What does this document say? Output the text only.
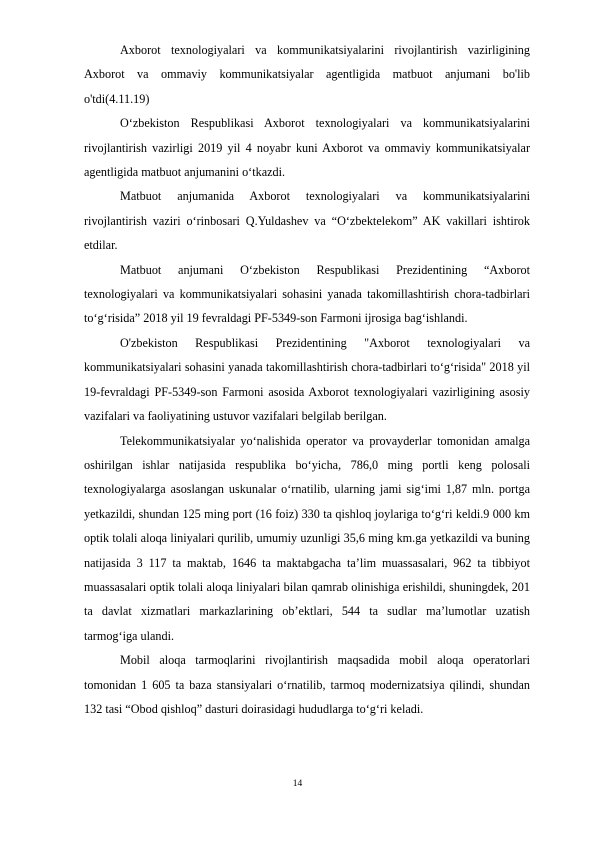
Axborot texnologiyalari va kommunikatsiyalarini rivojlantirish vazirligining Axborot va ommaviy kommunikatsiyalar agentligida matbuot anjumani bo'lib o'tdi(4.11.19)

O‘zbekiston Respublikasi Axborot texnologiyalari va kommunikatsiyalarini rivojlantirish vazirligi 2019 yil 4 noyabr kuni Axborot va ommaviy kommunikatsiyalar agentligida matbuot anjumanini o‘tkazdi.

Matbuot anjumanida Axborot texnologiyalari va kommunikatsiyalarini rivojlantirish vaziri o‘rinbosari Q.Yuldashev va “O‘zbektelekom” AK vakillari ishtirok etdilar.

Matbuot anjumani O‘zbekiston Respublikasi Prezidentining “Axborot texnologiyalari va kommunikatsiyalari sohasini yanada takomillashtirish chora-tadbirlari to‘g‘risida” 2018 yil 19 fevraldagi PF-5349-son Farmoni ijrosiga bag‘ishlandi.

O'zbekiston Respublikasi Prezidentining "Axborot texnologiyalari va kommunikatsiyalari sohasini yanada takomillashtirish chora-tadbirlari to‘g‘risida" 2018 yil 19-fevraldagi PF-5349-son Farmoni asosida Axborot texnologiyalari vazirligining asosiy vazifalari va faoliyatining ustuvor vazifalari belgilab berilgan.

Telekommunikatsiyalar yo‘nalishida operator va provayderlar tomonidan amalga oshirilgan ishlar natijasida respublika bo‘yicha, 786,0 ming portli keng polosali texnologiyalarga asoslangan uskunalar o‘rnatilib, ularning jami sig‘imi 1,87 mln. portga yetkazildi, shundan 125 ming port (16 foiz) 330 ta qishloq joylariga to‘g‘ri keldi.9 000 km optik tolali aloqa liniyalari qurilib, umumiy uzunligi 35,6 ming km.ga yetkazildi va buning natijasida 3 117 ta maktab, 1646 ta maktabgacha ta’lim muassasalari, 962 ta tibbiyot muassasalari optik tolali aloqa liniyalari bilan qamrab olinishiga erishildi, shuningdek, 201 ta davlat xizmatlari markazlarining ob’ektlari, 544 ta sudlar ma’lumotlar uzatish tarmog‘iga ulandi.

Mobil aloqa tarmoqlarini rivojlantirish maqsadida mobil aloqa operatorlari tomonidan 1 605 ta baza stansiyalari o‘rnatilib, tarmoq modernizatsiya qilindi, shundan 132 tasi “Obod qishloq” dasturi doirasidagi hududlarga to‘g‘ri keladi.

14
